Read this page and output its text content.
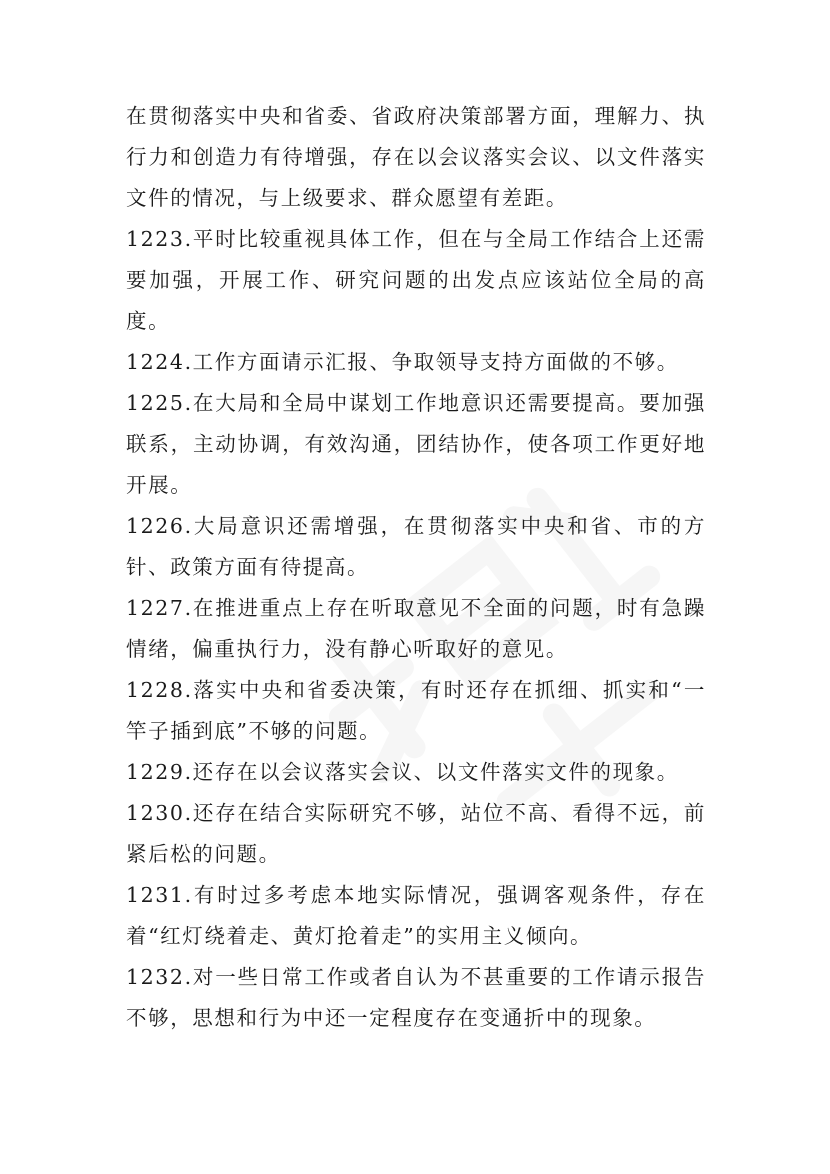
在贯彻落实中央和省委、省政府决策部署方面，理解力、执行力和创造力有待增强，存在以会议落实会议、以文件落实文件的情况，与上级要求、群众愿望有差距。

1223.平时比较重视具体工作，但在与全局工作结合上还需要加强，开展工作、研究问题的出发点应该站位全局的高度。

1224.工作方面请示汇报、争取领导支持方面做的不够。

1225.在大局和全局中谋划工作地意识还需要提高。要加强联系，主动协调，有效沟通，团结协作，使各项工作更好地开展。

1226.大局意识还需增强，在贯彻落实中央和省、市的方针、政策方面有待提高。

1227.在推进重点上存在听取意见不全面的问题，时有急躁情绪，偏重执行力，没有静心听取好的意见。

1228.落实中央和省委决策，有时还存在抓细、抓实和“一竿子插到底”不够的问题。

1229.还存在以会议落实会议、以文件落实文件的现象。

1230.还存在结合实际研究不够，站位不高、看得不远，前紧后松的问题。

1231.有时过多考虑本地实际情况，强调客观条件，存在着“红灯绕着走、黄灯抢着走”的实用主义倾向。

1232.对一些日常工作或者自认为不甚重要的工作请示报告不够，思想和行为中还一定程度存在变通折中的现象。
